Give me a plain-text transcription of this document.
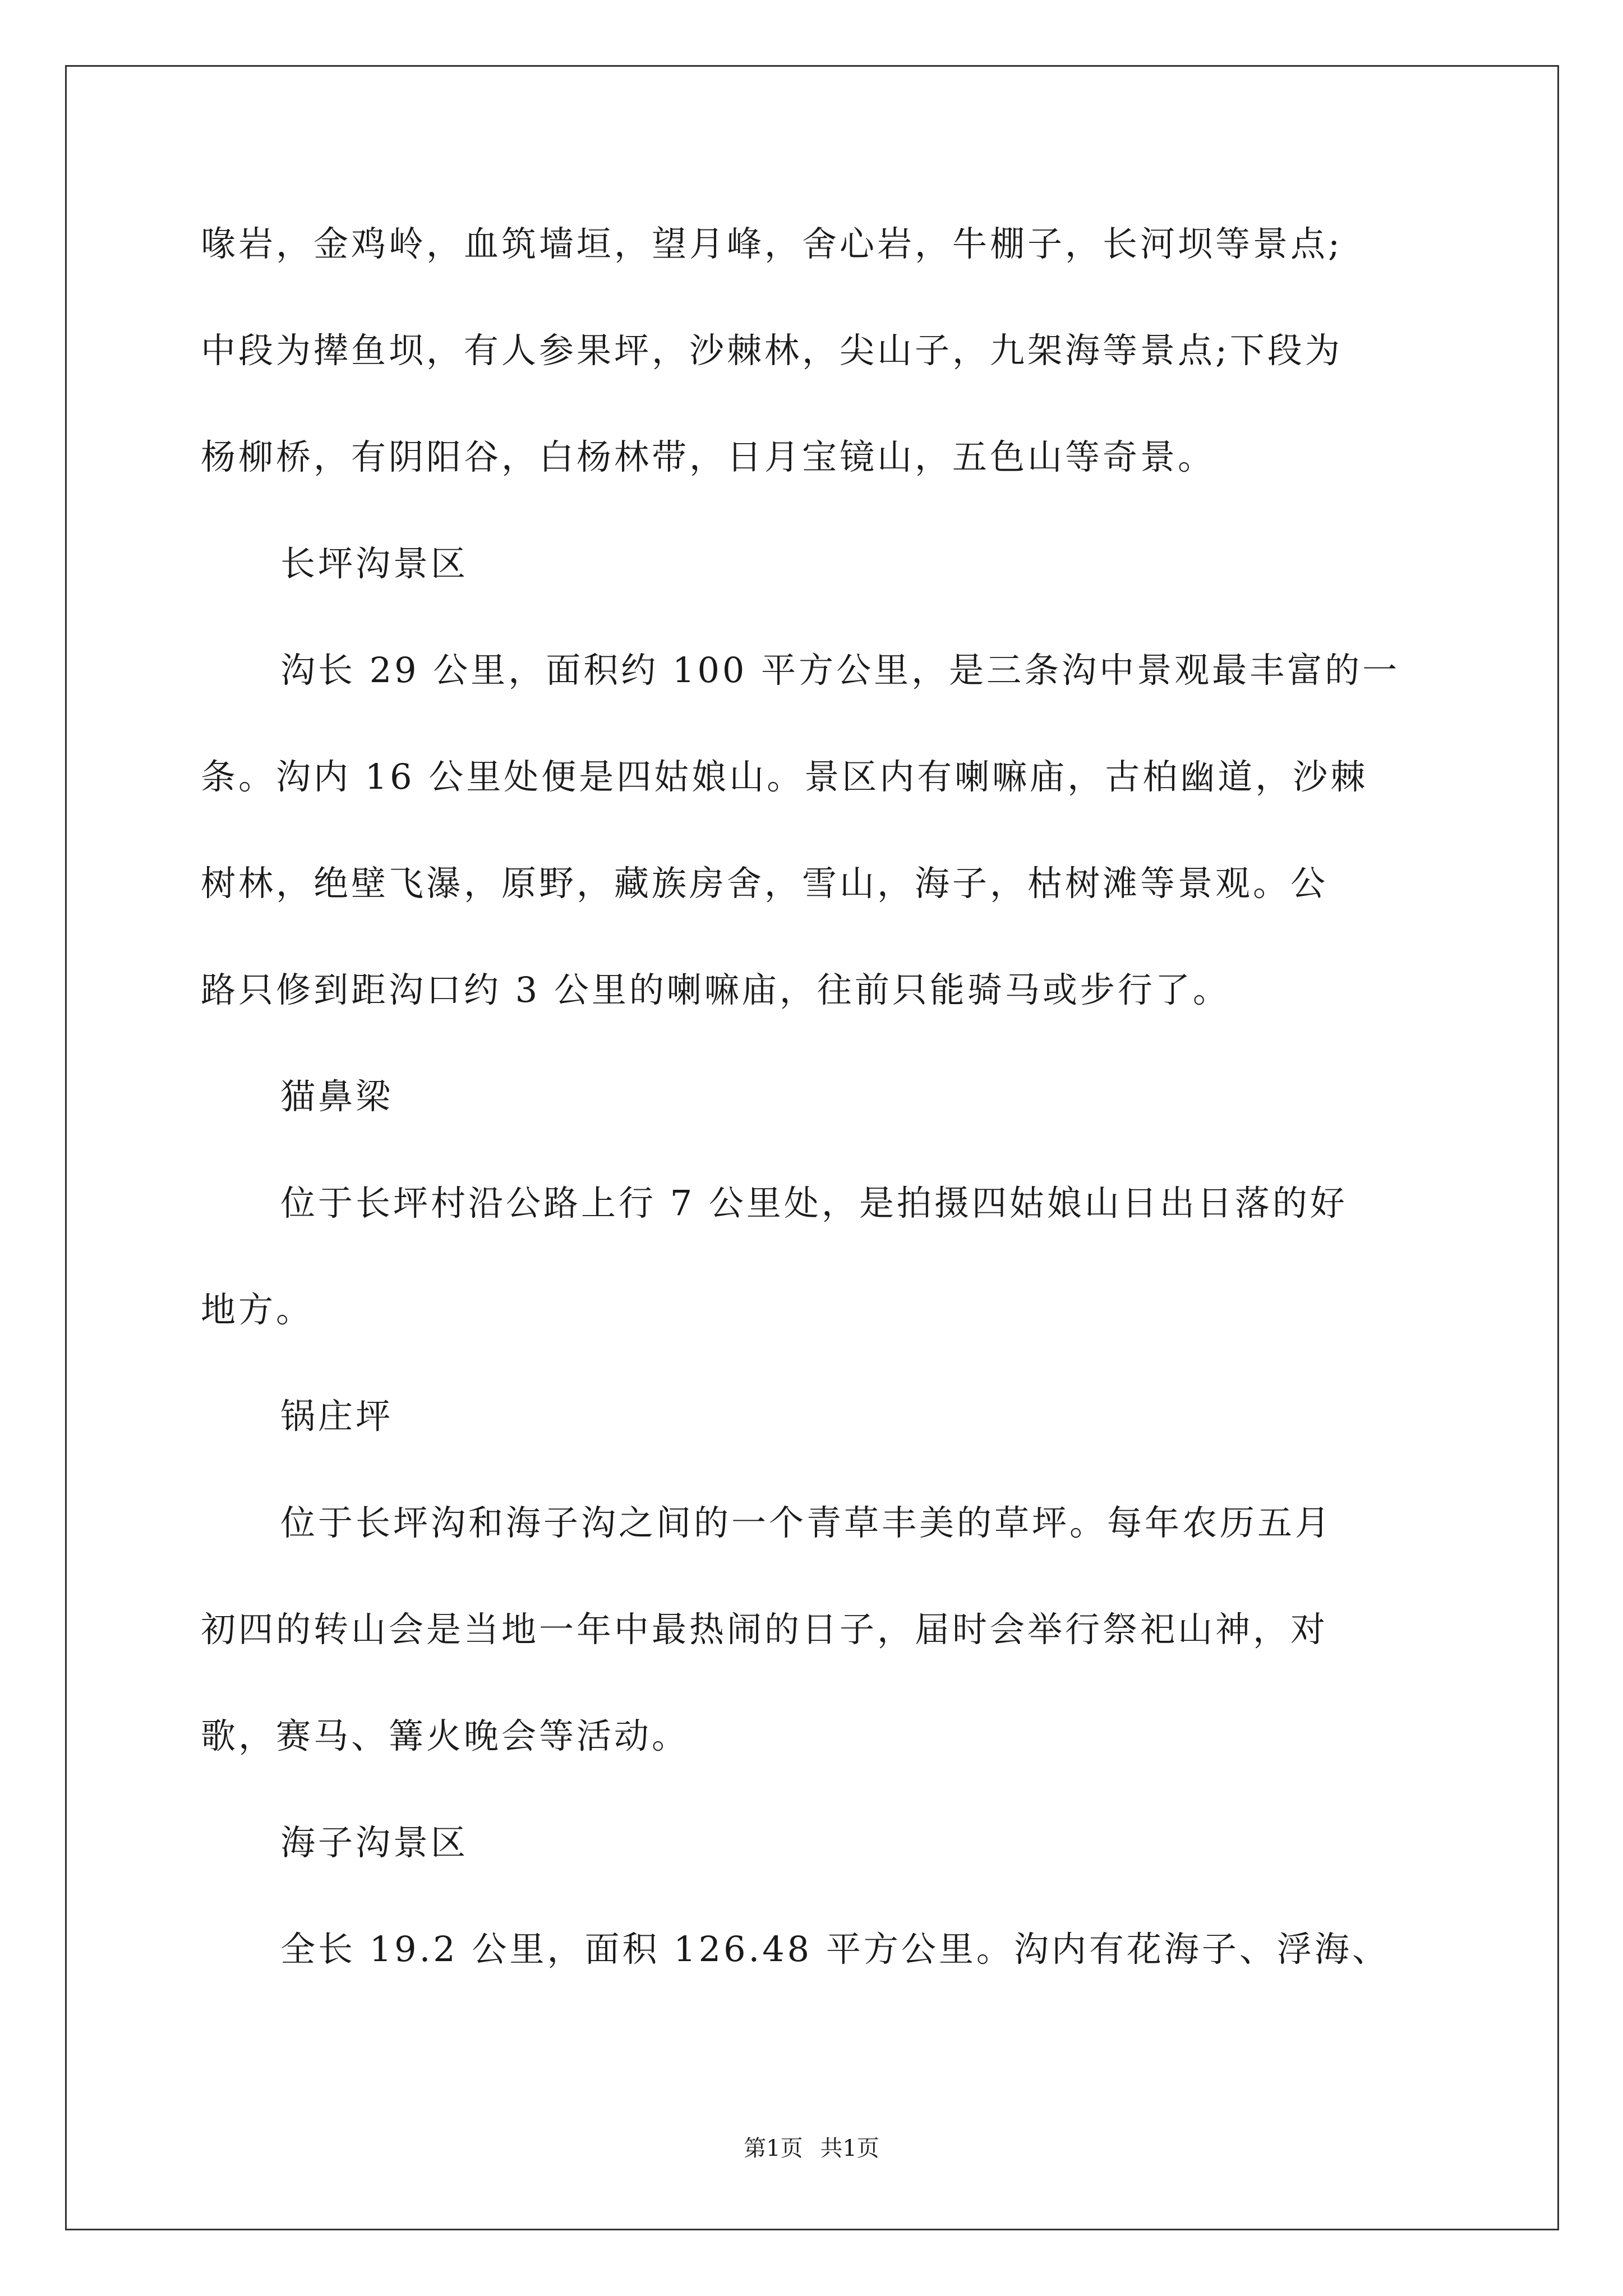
喙岩，金鸡岭，血筑墙垣，望月峰，舍心岩，牛棚子，长河坝等景点;
中段为撵鱼坝，有人参果坪，沙棘林，尖山子，九架海等景点;下段为
杨柳桥，有阴阳谷，白杨林带，日月宝镜山，五色山等奇景。
长坪沟景区
沟长 29 公里，面积约 100 平方公里，是三条沟中景观最丰富的一
条。沟内 16 公里处便是四姑娘山。景区内有喇嘛庙，古柏幽道，沙棘
树林，绝壁飞瀑，原野，藏族房舍，雪山，海子，枯树滩等景观。公
路只修到距沟口约 3 公里的喇嘛庙，往前只能骑马或步行了。
猫鼻梁
位于长坪村沿公路上行 7 公里处，是拍摄四姑娘山日出日落的好
地方。
锅庄坪
位于长坪沟和海子沟之间的一个青草丰美的草坪。每年农历五月
初四的转山会是当地一年中最热闹的日子，届时会举行祭祀山神，对
歌，赛马、篝火晚会等活动。
海子沟景区
全长 19.2 公里，面积 126.48 平方公里。沟内有花海子、浮海、
第1页 共1页
